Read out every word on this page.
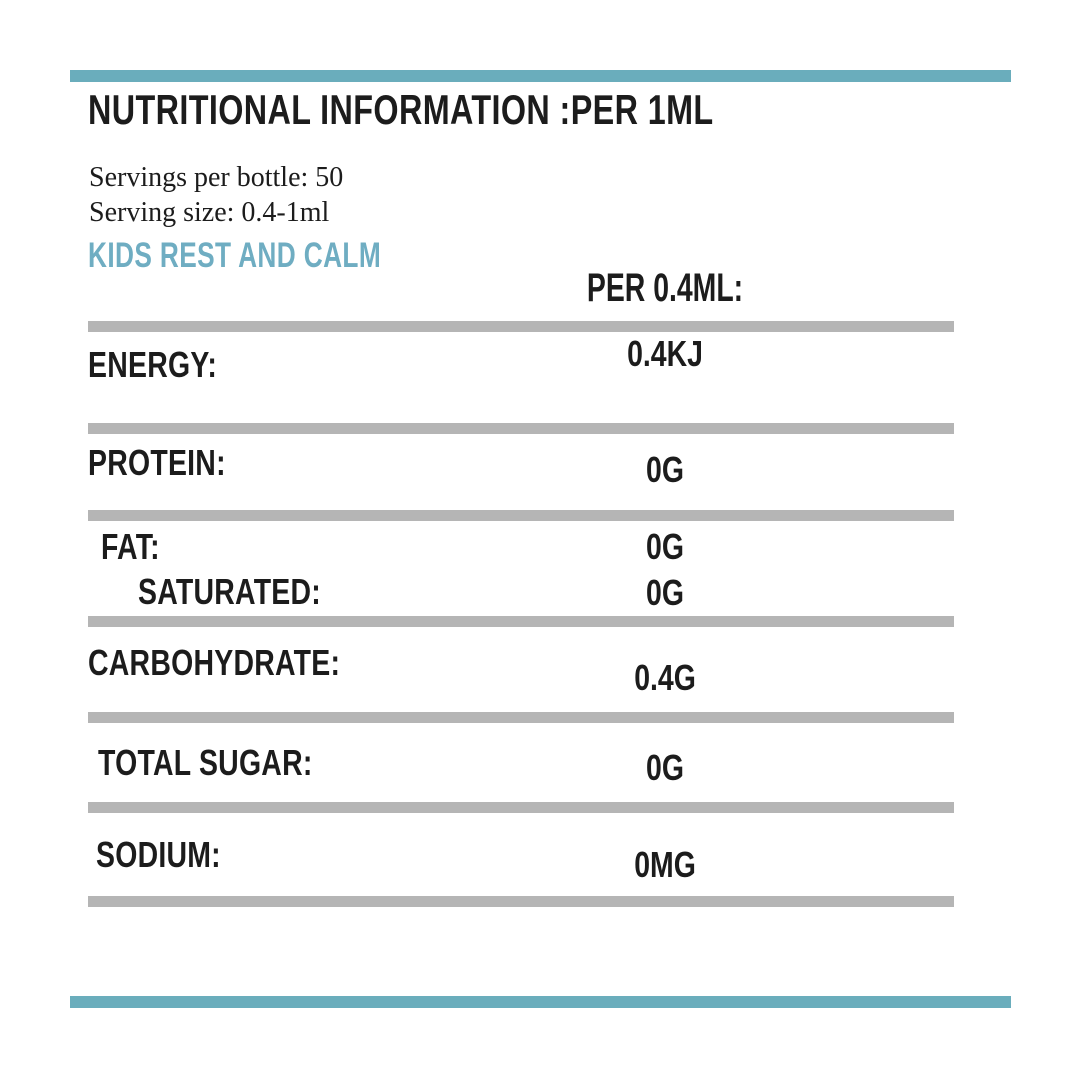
NUTRITIONAL INFORMATION :PER 1ML
Servings per bottle: 50
Serving size: 0.4-1ml
KIDS REST AND CALM
PER 0.4ML:
ENERGY:	0.4KJ
PROTEIN:	0G
FAT:	0G
SATURATED:	0G
CARBOHYDRATE:	0.4G
TOTAL SUGAR:	0G
SODIUM:	0MG
